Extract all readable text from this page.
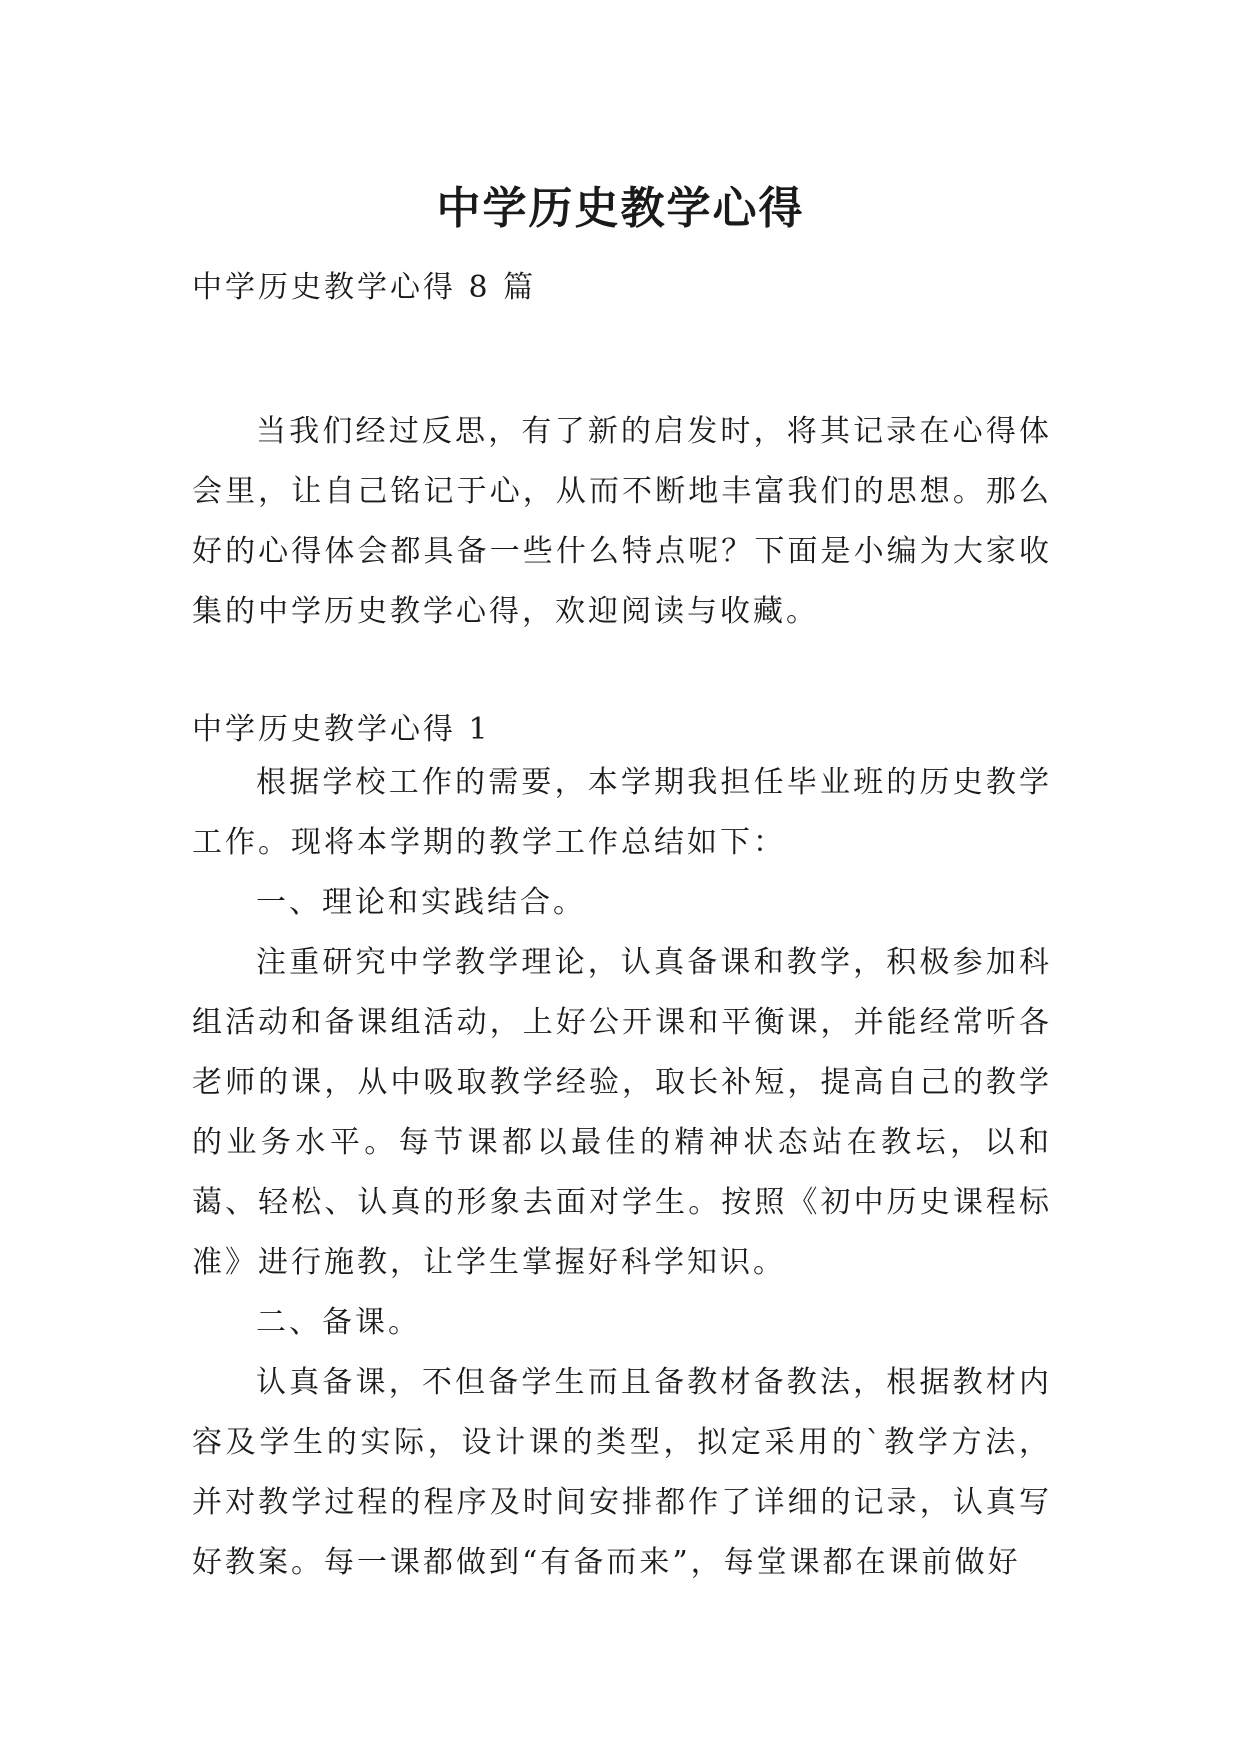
中学历史教学心得

中学历史教学心得 8 篇

当我们经过反思，有了新的启发时，将其记录在心得体会里，让自己铭记于心，从而不断地丰富我们的思想。那么好的心得体会都具备一些什么特点呢？下面是小编为大家收集的中学历史教学心得，欢迎阅读与收藏。

中学历史教学心得 1

根据学校工作的需要，本学期我担任毕业班的历史教学工作。现将本学期的教学工作总结如下：

一、理论和实践结合。

注重研究中学教学理论，认真备课和教学，积极参加科组活动和备课组活动，上好公开课和平衡课，并能经常听各老师的课，从中吸取教学经验，取长补短，提高自己的教学的业务水平。每节课都以最佳的精神状态站在教坛，以和蔼、轻松、认真的形象去面对学生。按照《初中历史课程标准》进行施教，让学生掌握好科学知识。

二、备课。

认真备课，不但备学生而且备教材备教法，根据教材内容及学生的实际，设计课的类型，拟定采用的`教学方法，并对教学过程的程序及时间安排都作了详细的记录，认真写好教案。每一课都做到“有备而来”，每堂课都在课前做好
